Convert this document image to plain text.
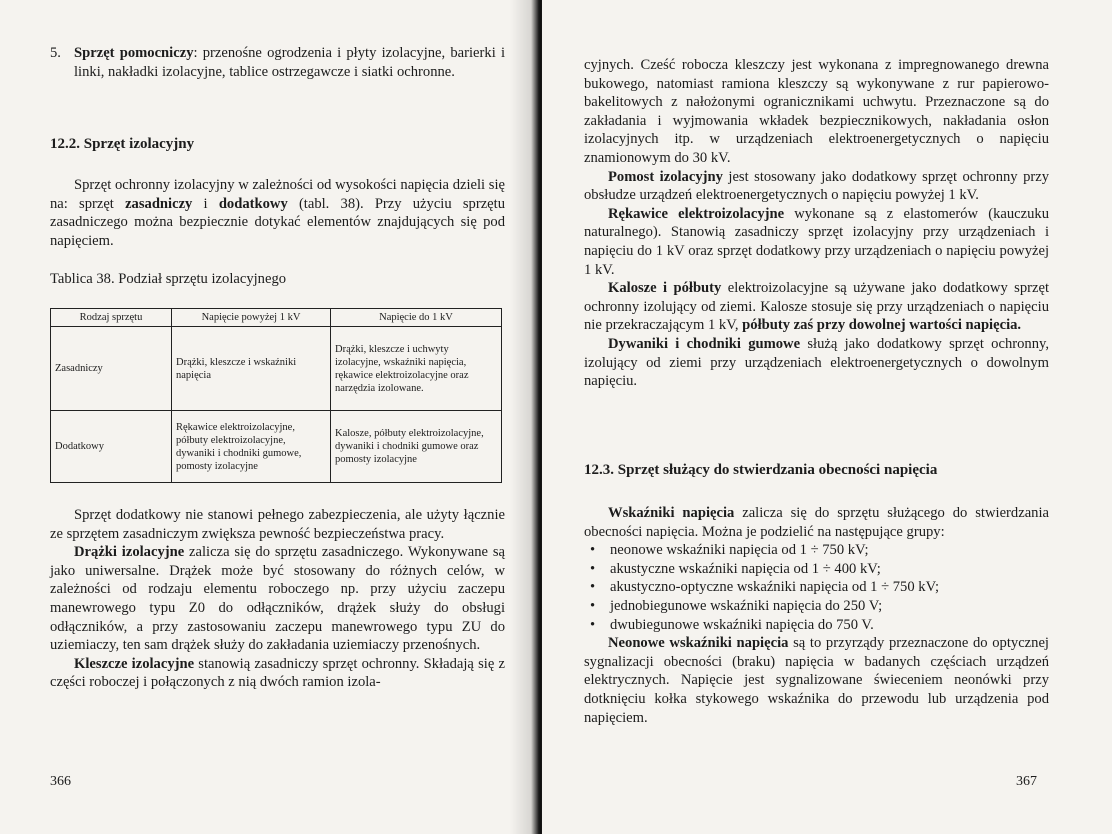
5. Sprzęt pomocniczy: przenośne ogrodzenia i płyty izolacyjne, barierki i linki, nakładki izolacyjne, tablice ostrzegawcze i siatki ochronne.
12.2. Sprzęt izolacyjny

Sprzęt ochronny izolacyjny w zależności od wysokości napięcia dzieli się na: sprzęt zasadniczy i dodatkowy (tabl. 38). Przy użyciu sprzętu zasadniczego można bezpiecznie dotykać elementów znajdujących się pod napięciem.

Tablica 38. Podział sprzętu izolacyjnego

Rodzaj sprzętu	Napięcie powyżej 1 kV	Napięcie do 1 kV
Zasadniczy	Drążki, kleszcze i wskaźniki napięcia	Drążki, kleszcze i uchwyty izolacyjne, wskaźniki napięcia, rękawice elektroizolacyjne oraz narzędzia izolowane.
Dodatkowy	Rękawice elektroizolacyjne, półbuty elektroizolacyjne, dywaniki i chodniki gumowe, pomosty izolacyjne	Kalosze, półbuty elektroizolacyjne, dywaniki i chodniki gumowe oraz pomosty izolacyjne

Sprzęt dodatkowy nie stanowi pełnego zabezpieczenia, ale użyty łącznie ze sprzętem zasadniczym zwiększa pewność bezpieczeństwa pracy.

Drążki izolacyjne zalicza się do sprzętu zasadniczego. Wykonywane są jako uniwersalne. Drążek może być stosowany do różnych celów, w zależności od rodzaju elementu roboczego np. przy użyciu zaczepu manewrowego typu Z0 do odłączników, drążek służy do obsługi odłączników, a przy zastosowaniu zaczepu manewrowego typu ZU do uziemiaczy, ten sam drążek służy do zakładania uziemiaczy przenośnych.

Kleszcze izolacyjne stanowią zasadniczy sprzęt ochronny. Składają się z części roboczej i połączonych z nią dwóch ramion izola-

366

cyjnych. Cześć robocza kleszczy jest wykonana z impregnowanego drewna bukowego, natomiast ramiona kleszczy są wykonywane z rur papierowo-bakelitowych z nałożonymi ogranicznikami uchwytu. Przeznaczone są do zakładania i wyjmowania wkładek bezpiecznikowych, nakładania osłon izolacyjnych itp. w urządzeniach elektroenergetycznych o napięciu znamionowym do 30 kV.

Pomost izolacyjny jest stosowany jako dodatkowy sprzęt ochronny przy obsłudze urządzeń elektroenergetycznych o napięciu powyżej 1 kV.

Rękawice elektroizolacyjne wykonane są z elastomerów (kauczuku naturalnego). Stanowią zasadniczy sprzęt izolacyjny przy urządzeniach i napięciu do 1 kV oraz sprzęt dodatkowy przy urządzeniach o napięciu powyżej 1 kV.

Kalosze i półbuty elektroizolacyjne są używane jako dodatkowy sprzęt ochronny izolujący od ziemi. Kalosze stosuje się przy urządzeniach o napięciu nie przekraczającym 1 kV, półbuty zaś przy dowolnej wartości napięcia.

Dywaniki i chodniki gumowe służą jako dodatkowy sprzęt ochronny, izolujący od ziemi przy urządzeniach elektroenergetycznych o dowolnym napięciu.

12.3. Sprzęt służący do stwierdzania obecności napięcia

Wskaźniki napięcia zalicza się do sprzętu służącego do stwierdzania obecności napięcia. Można je podzielić na następujące grupy:

• neonowe wskaźniki napięcia od 1 ÷ 750 kV;
• akustyczne wskaźniki napięcia od 1 ÷ 400 kV;
• akustyczno-optyczne wskaźniki napięcia od 1 ÷ 750 kV;
• jednobiegunowe wskaźniki napięcia do 250 V;
• dwubiegunowe wskaźniki napięcia do 750 V.

Neonowe wskaźniki napięcia są to przyrządy przeznaczone do optycznej sygnalizacji obecności (braku) napięcia w badanych częściach urządzeń elektrycznych. Napięcie jest sygnalizowane świeceniem neonówki przy dotknięciu kołka stykowego wskaźnika do przewodu lub urządzenia pod napięciem.

367
